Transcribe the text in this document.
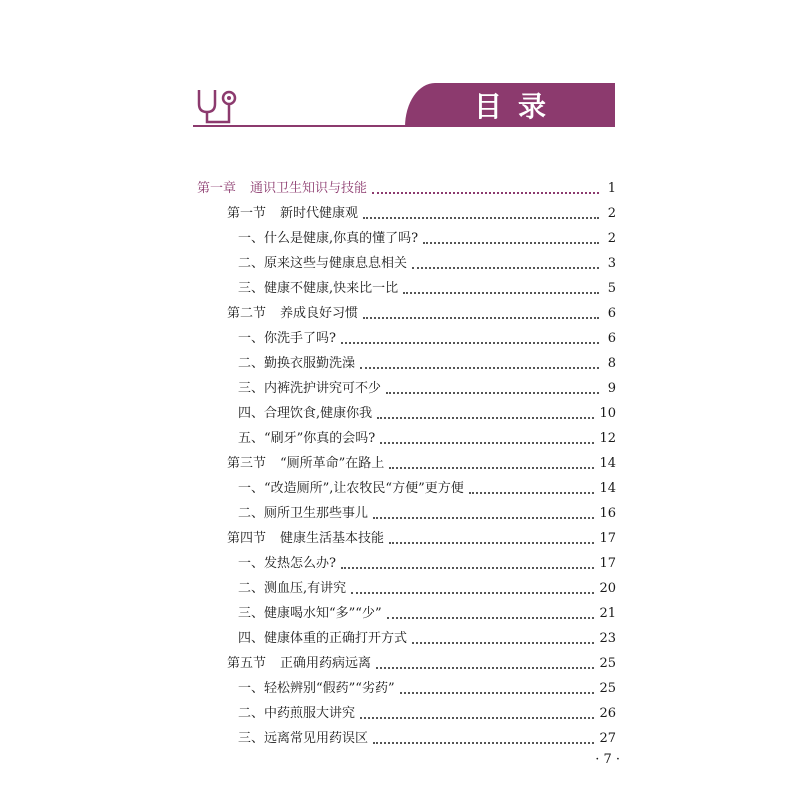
目录
第一章 通识卫生知识与技能	1
第一节 新时代健康观	2
一、什么是健康,你真的懂了吗?	2
二、原来这些与健康息息相关	3
三、健康不健康,快来比一比	5
第二节 养成良好习惯	6
一、你洗手了吗?	6
二、勤换衣服勤洗澡	8
三、内裤洗护讲究可不少	9
四、合理饮食,健康你我	10
五、“刷牙”你真的会吗?	12
第三节 “厕所革命”在路上	14
一、“改造厕所”,让农牧民“方便”更方便	14
二、厕所卫生那些事儿	16
第四节 健康生活基本技能	17
一、发热怎么办?	17
二、测血压,有讲究	20
三、健康喝水知“多”“少”	21
四、健康体重的正确打开方式	23
第五节 正确用药病远离	25
一、轻松辨别“假药”“劣药”	25
二、中药煎服大讲究	26
三、远离常见用药误区	27
· 7 ·
